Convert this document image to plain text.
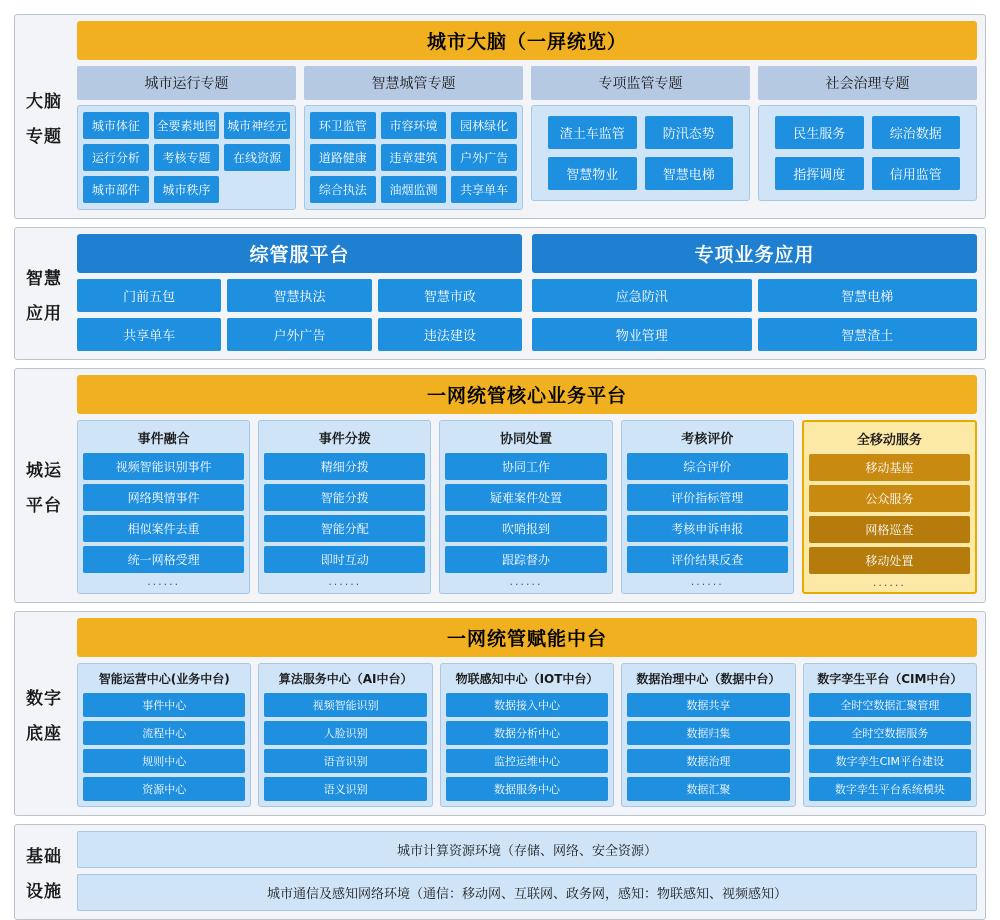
大脑
专题
城市大脑（一屏统览）
城市运行专题
城市体征	全要素地图 城市神经元
运行分析	考核专题	在线资源
城市部件	城市秩序
智慧城管专题
环卫监管	市容环境	园林绿化
道路健康	违章建筑	户外广告
综合执法	油烟监测	共享单车
专项监管专题
渣土车监管	防汛态势
智慧物业	智慧电梯
社会治理专题
民生服务	综治数据
指挥调度	信用监管
智慧
应用
综管服平台
门前五包	智慧执法	智慧市政
共享单车	户外广告	违法建设
专项业务应用
应急防汛	智慧电梯
物业管理	智慧渣土
城运
平台
一网统管核心业务平台
事件融合
视频智能识别事件
网络舆情事件
相似案件去重
统一网格受理
......
事件分拨
精细分拨
智能分拨
智能分配
即时互动
......
协同处置
协同工作
疑难案件处置
吹哨报到
跟踪督办
......
考核评价
综合评价
评价指标管理
考核申诉申报
评价结果反查
......
全移动服务
移动基座
公众服务
网格巡查
移动处置
......
数字
底座
一网统管赋能中台
智能运营中心(业务中台)
事件中心
流程中心
规则中心
资源中心
算法服务中心（AI中台）
视频智能识别
人脸识别
语音识别
语义识别
物联感知中心（IOT中台）
数据接入中心
数据分析中心
监控运维中心
数据服务中心
数据治理中心（数据中台）
数据共享
数据归集
数据治理
数据汇聚
数字孪生平台（CIM中台）
全时空数据汇聚管理
全时空数据服务
数字孪生CIM平台建设
数字孪生平台系统模块
基础
设施
城市计算资源环境（存储、网络、安全资源）
城市通信及感知网络环境（通信：移动网、互联网、政务网，感知：物联感知、视频感知）
